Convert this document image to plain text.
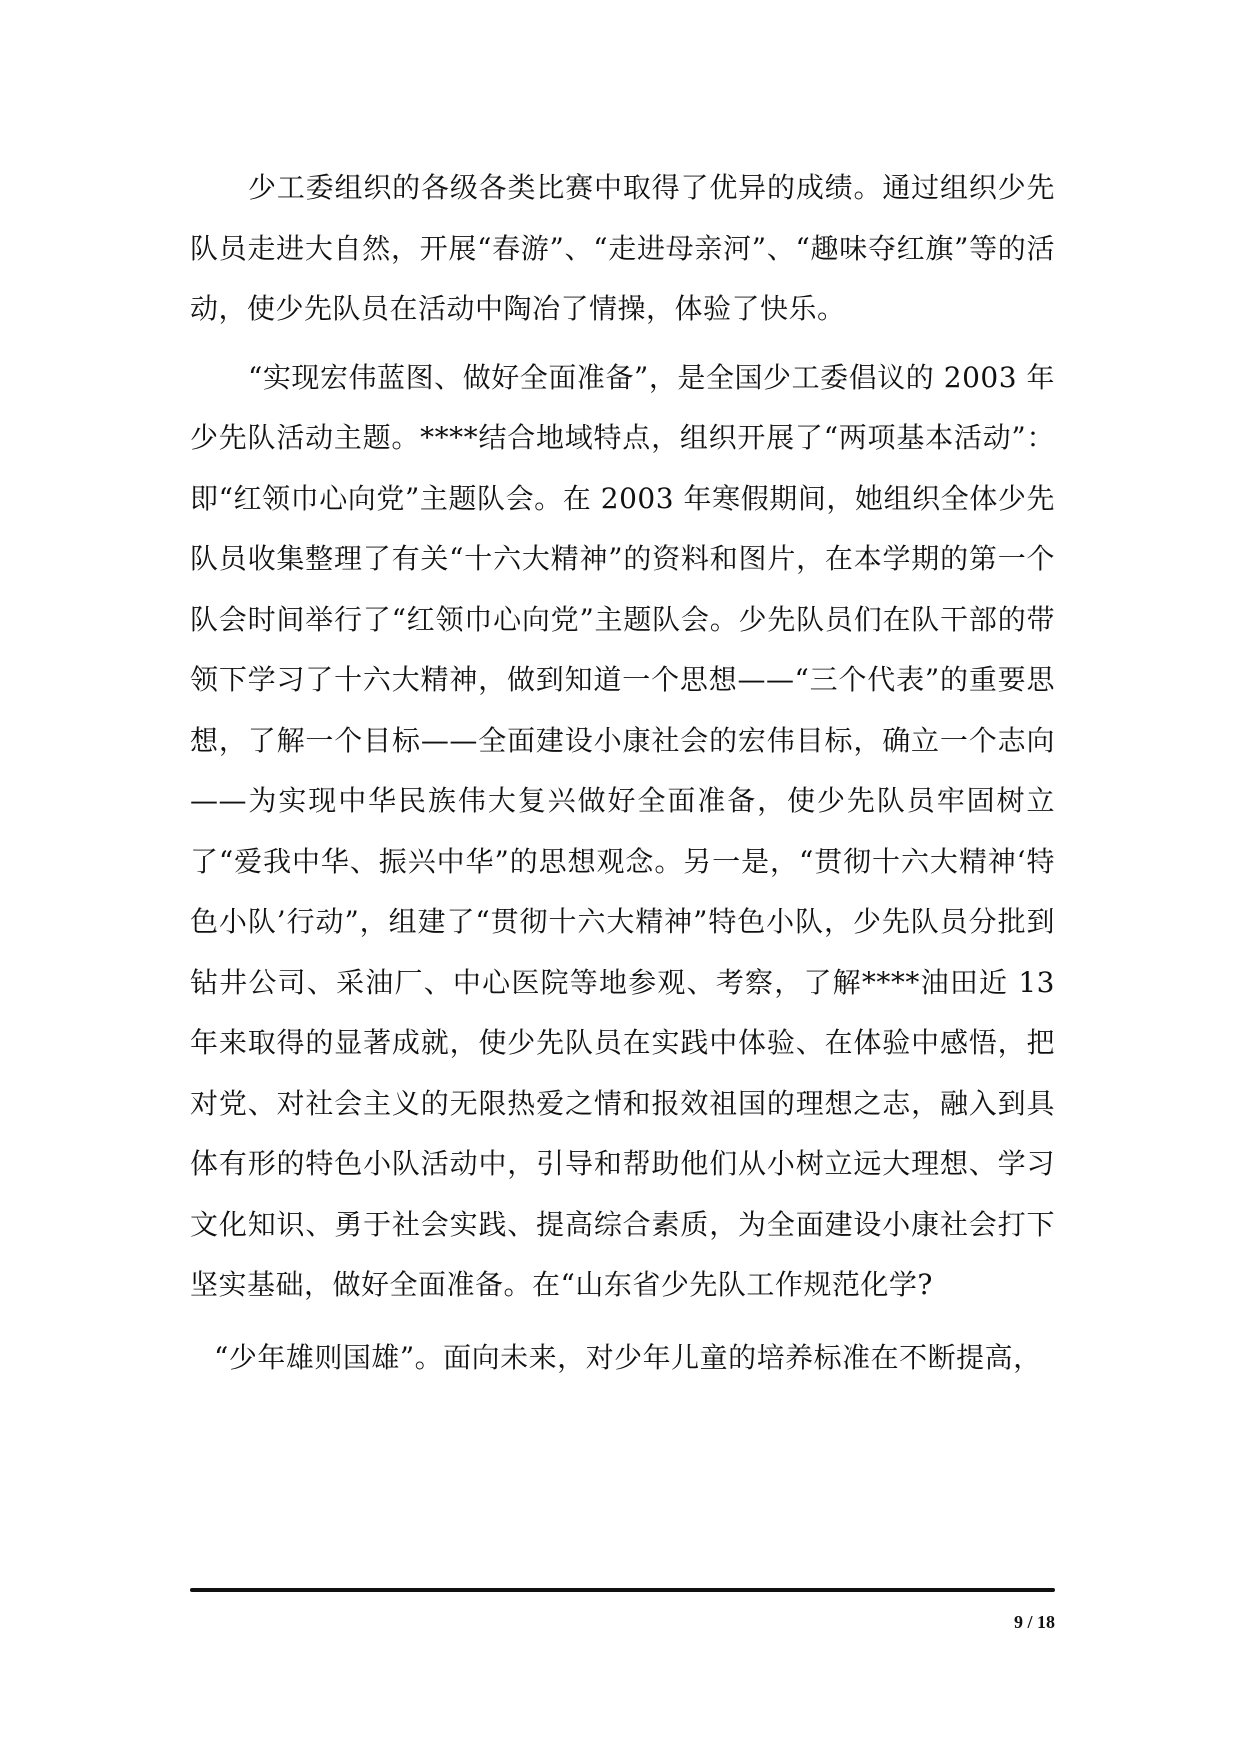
少工委组织的各级各类比赛中取得了优异的成绩。通过组织少先队员走进大自然，开展“春游”、“走进母亲河”、“趣味夺红旗”等的活动，使少先队员在活动中陶冶了情操，体验了快乐。

“实现宏伟蓝图、做好全面准备”，是全国少工委倡议的 2003 年少先队活动主题。****结合地域特点，组织开展了“两项基本活动”：即“红领巾心向党”主题队会。在 2003 年寒假期间，她组织全体少先队员收集整理了有关“十六大精神”的资料和图片，在本学期的第一个队会时间举行了“红领巾心向党”主题队会。少先队员们在队干部的带领下学习了十六大精神，做到知道一个思想——“三个代表”的重要思想，了解一个目标——全面建设小康社会的宏伟目标，确立一个志向——为实现中华民族伟大复兴做好全面准备，使少先队员牢固树立了“爱我中华、振兴中华”的思想观念。另一是，“贯彻十六大精神‘特色小队’行动”，组建了“贯彻十六大精神”特色小队，少先队员分批到钻井公司、采油厂、中心医院等地参观、考察，了解****油田近 13 年来取得的显著成就，使少先队员在实践中体验、在体验中感悟，把对党、对社会主义的无限热爱之情和报效祖国的理想之志，融入到具体有形的特色小队活动中，引导和帮助他们从小树立远大理想、学习文化知识、勇于社会实践、提高综合素质，为全面建设小康社会打下坚实基础，做好全面准备。在“山东省少先队工作规范化学?

“少年雄则国雄”。面向未来，对少年儿童的培养标准在不断提高，

9 / 18
